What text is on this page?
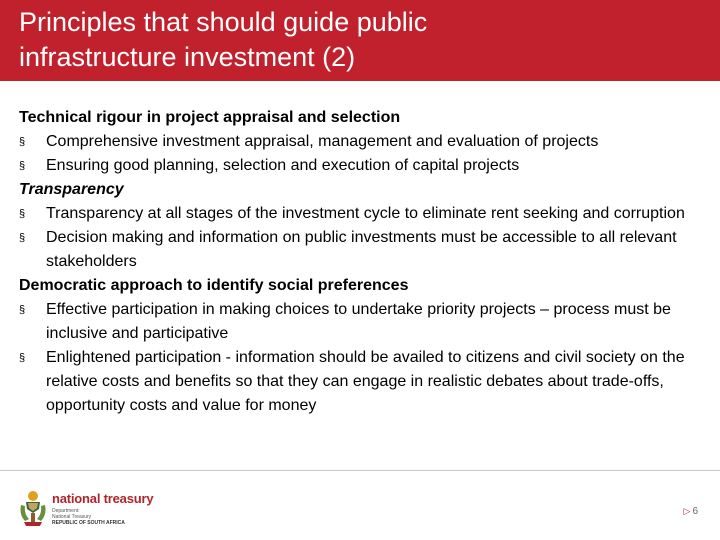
Principles that should guide public
infrastructure investment (2)
Technical rigour in project appraisal and selection
§	Comprehensive investment appraisal, management and evaluation of projects
§	Ensuring good planning, selection and execution of capital projects
Transparency
§	Transparency at all stages of the investment cycle to eliminate rent seeking and corruption
§	Decision making and information on public investments must be accessible to all relevant stakeholders
Democratic approach to identify social preferences
§	Effective participation in making choices to undertake priority projects – process must be inclusive and participative
§	Enlightened participation - information should be availed to citizens and civil society on the relative costs and benefits so that they can engage in realistic debates about trade-offs, opportunity costs and value for money
national treasury
Department:
National Treasury
REPUBLIC OF SOUTH AFRICA
▷ 6
